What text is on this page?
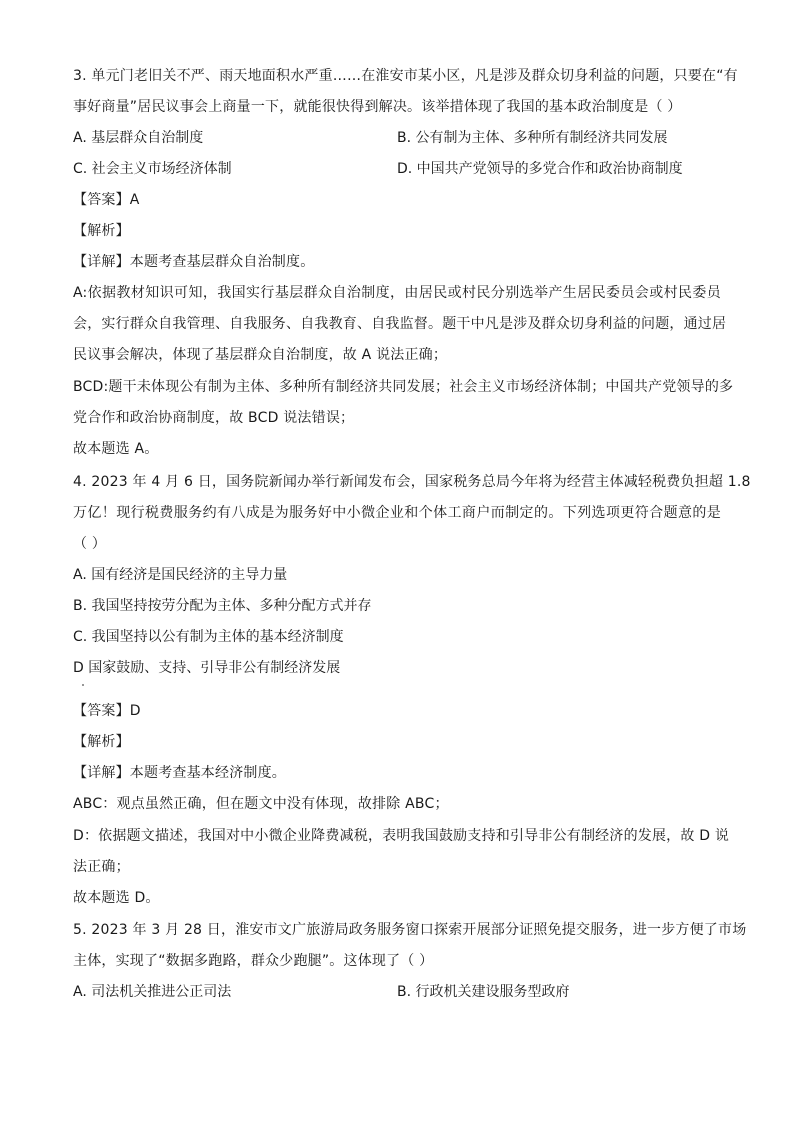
3. 单元门老旧关不严、雨天地面积水严重……在淮安市某小区，凡是涉及群众切身利益的问题，只要在“有
事好商量”居民议事会上商量一下，就能很快得到解决。该举措体现了我国的基本政治制度是（ ）
A. 基层群众自治制度	B. 公有制为主体、多种所有制经济共同发展
C. 社会主义市场经济体制	D. 中国共产党领导的多党合作和政治协商制度
【答案】A
【解析】
【详解】本题考查基层群众自治制度。
A:依据教材知识可知，我国实行基层群众自治制度，由居民或村民分别选举产生居民委员会或村民委员
会，实行群众自我管理、自我服务、自我教育、自我监督。题干中凡是涉及群众切身利益的问题，通过居
民议事会解决，体现了基层群众自治制度，故 A 说法正确；
BCD:题干未体现公有制为主体、多种所有制经济共同发展；社会主义市场经济体制；中国共产党领导的多
党合作和政治协商制度，故 BCD 说法错误；
故本题选 A。
4. 2023 年 4 月 6 日，国务院新闻办举行新闻发布会，国家税务总局今年将为经营主体减轻税费负担超 1.8
万亿！现行税费服务约有八成是为服务好中小微企业和个体工商户而制定的。下列选项更符合题意的是
（ ）
A. 国有经济是国民经济的主导力量
B. 我国坚持按劳分配为主体、多种分配方式并存
C. 我国坚持以公有制为主体的基本经济制度
D 国家鼓励、支持、引导非公有制经济发展
【答案】D
【解析】
【详解】本题考查基本经济制度。
ABC：观点虽然正确，但在题文中没有体现，故排除 ABC；
D：依据题文描述，我国对中小微企业降费减税，表明我国鼓励支持和引导非公有制经济的发展，故 D 说
法正确；
故本题选 D。
5. 2023 年 3 月 28 日，淮安市文广旅游局政务服务窗口探索开展部分证照免提交服务，进一步方便了市场
主体，实现了“数据多跑路，群众少跑腿”。这体现了（ ）
A. 司法机关推进公正司法	B. 行政机关建设服务型政府
